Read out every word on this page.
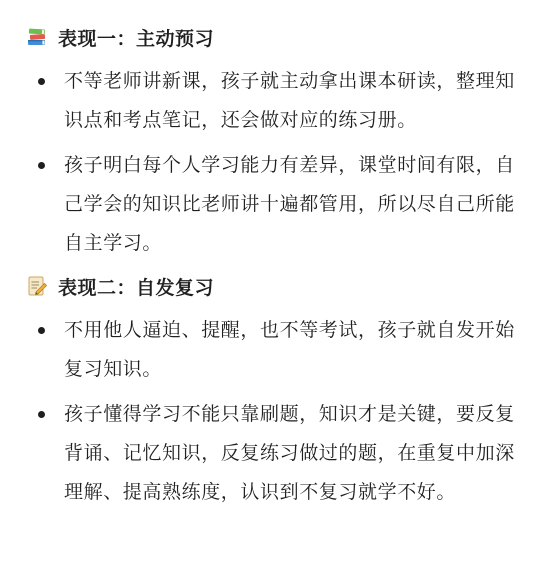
表现一：主动预习
不等老师讲新课，孩子就主动拿出课本研读，整理知识点和考点笔记，还会做对应的练习册。
孩子明白每个人学习能力有差异，课堂时间有限，自己学会的知识比老师讲十遍都管用，所以尽自己所能自主学习。
表现二：自发复习
不用他人逼迫、提醒，也不等考试，孩子就自发开始复习知识。
孩子懂得学习不能只靠刷题，知识才是关键，要反复背诵、记忆知识，反复练习做过的题，在重复中加深理解、提高熟练度，认识到不复习就学不好。
